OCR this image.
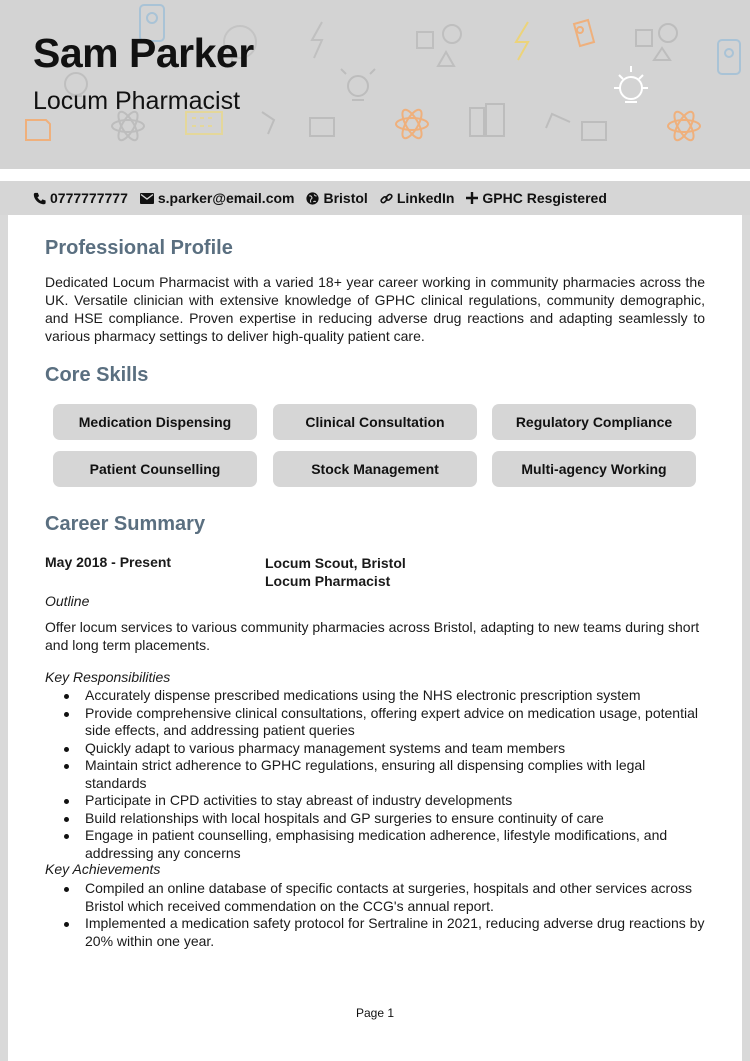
Sam Parker
Locum Pharmacist
0777777777 s.parker@email.com Bristol LinkedIn GPHC Resgistered
Professional Profile

Dedicated Locum Pharmacist with a varied 18+ year career working in community pharmacies across the UK. Versatile clinician with extensive knowledge of GPHC clinical regulations, community demographic, and HSE compliance. Proven expertise in reducing adverse drug reactions and adapting seamlessly to various pharmacy settings to deliver high-quality patient care.

Core Skills
Medication Dispensing	Clinical Consultation	Regulatory Compliance
Patient Counselling	Stock Management	Multi-agency Working
Career Summary

May 2018 - Present	Locum Scout, Bristol
Locum Pharmacist

Outline

Offer locum services to various community pharmacies across Bristol, adapting to new teams during short and long term placements.

Key Responsibilities

Accurately dispense prescribed medications using the NHS electronic prescription system
Provide comprehensive clinical consultations, offering expert advice on medication usage, potential side effects, and addressing patient queries
Quickly adapt to various pharmacy management systems and team members
Maintain strict adherence to GPHC regulations, ensuring all dispensing complies with legal standards
Participate in CPD activities to stay abreast of industry developments
Build relationships with local hospitals and GP surgeries to ensure continuity of care
Engage in patient counselling, emphasising medication adherence, lifestyle modifications, and addressing any concerns

Key Achievements

Compiled an online database of specific contacts at surgeries, hospitals and other services across Bristol which received commendation on the CCG's annual report.
Implemented a medication safety protocol for Sertraline in 2021, reducing adverse drug reactions by 20% within one year.
Page 1
